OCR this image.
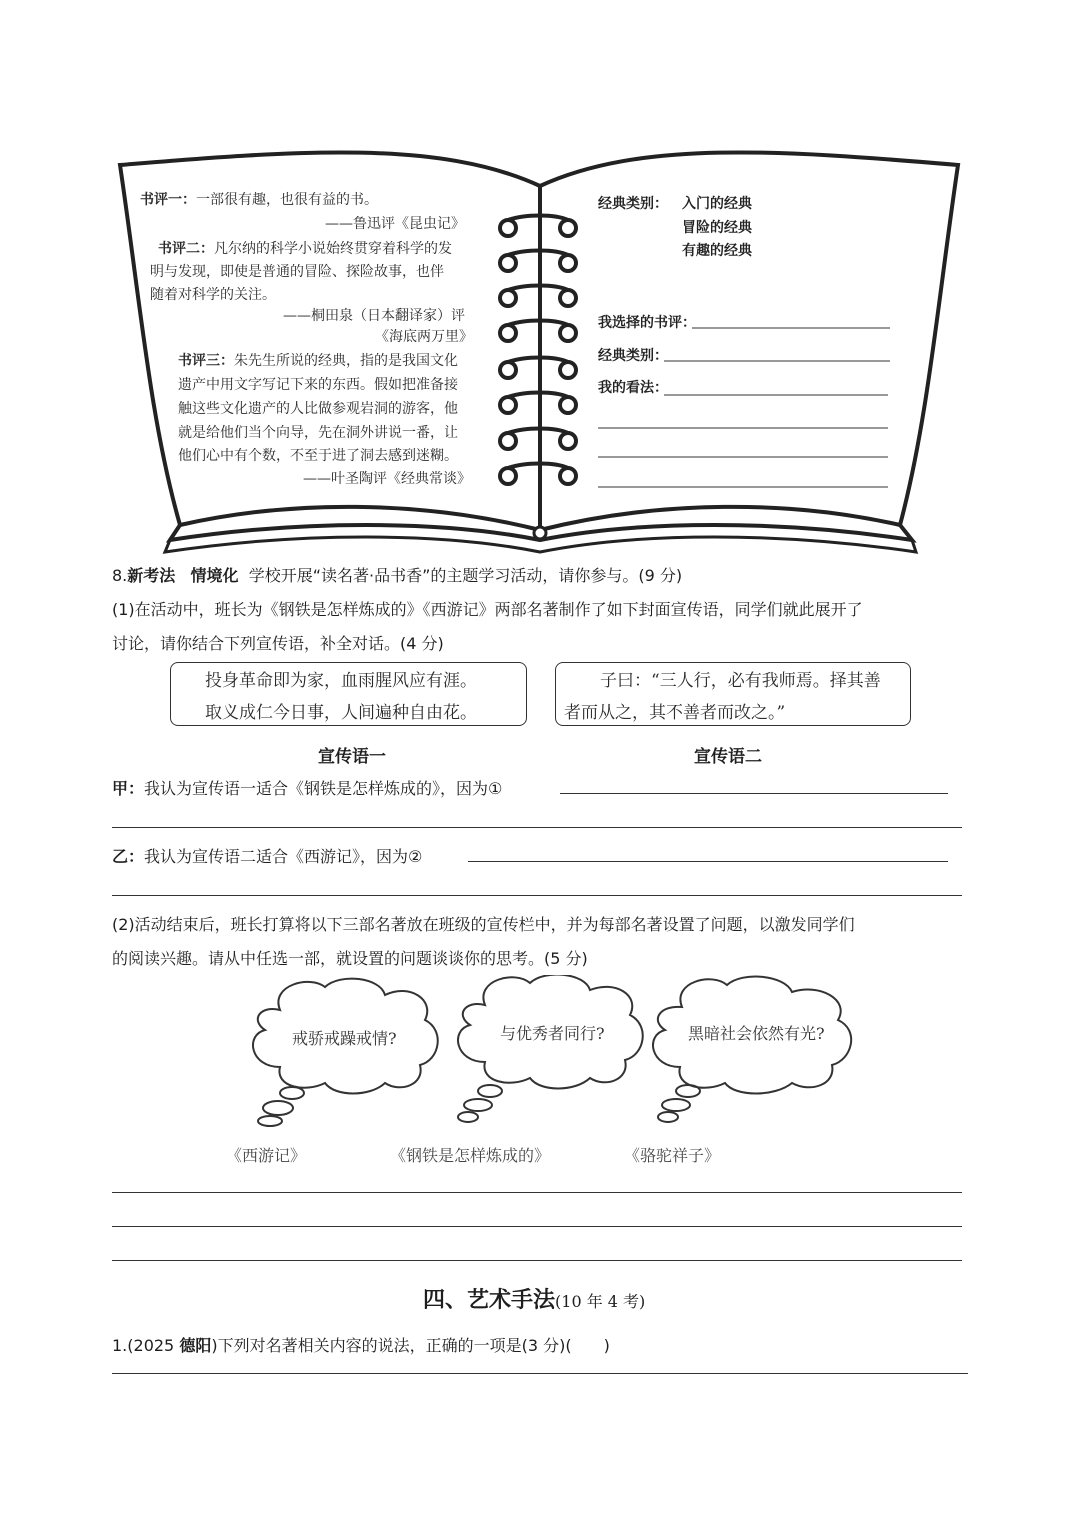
书评一：一部很有趣，也很有益的书。
——鲁迅评《昆虫记》
书评二：凡尔纳的科学小说始终贯穿着科学的发
明与发现，即使是普通的冒险、探险故事，也伴
随着对科学的关注。
——桐田泉（日本翻译家）评
《海底两万里》
书评三：朱先生所说的经典，指的是我国文化
遗产中用文字写记下来的东西。假如把准备接
触这些文化遗产的人比做参观岩洞的游客，他
就是给他们当个向导，先在洞外讲说一番，让
他们心中有个数，不至于进了洞去感到迷糊。
——叶圣陶评《经典常谈》
经典类别： 入门的经典
冒险的经典
有趣的经典
我选择的书评：
经典类别：
我的看法：
8.新考法 情境化 学校开展“读名著·品书香”的主题学习活动，请你参与。(9 分)
(1)在活动中，班长为《钢铁是怎样炼成的》《西游记》两部名著制作了如下封面宣传语，同学们就此展开了
讨论，请你结合下列宣传语，补全对话。(4 分)
投身革命即为家，血雨腥风应有涯。
取义成仁今日事，人间遍种自由花。
子曰：“三人行，必有我师焉。择其善
者而从之，其不善者而改之。”
宣传语一	宣传语二
甲：我认为宣传语一适合《钢铁是怎样炼成的》，因为①
乙：我认为宣传语二适合《西游记》，因为②
(2)活动结束后，班长打算将以下三部名著放在班级的宣传栏中，并为每部名著设置了问题，以激发同学们
的阅读兴趣。请从中任选一部，就设置的问题谈谈你的思考。(5 分)
戒骄戒躁戒情?	与优秀者同行?	黑暗社会依然有光?
《西游记》	《钢铁是怎样炼成的》	《骆驼祥子》
四、艺术手法(10 年 4 考)
1.(2025 德阳)下列对名著相关内容的说法，正确的一项是(3 分)(　　)
